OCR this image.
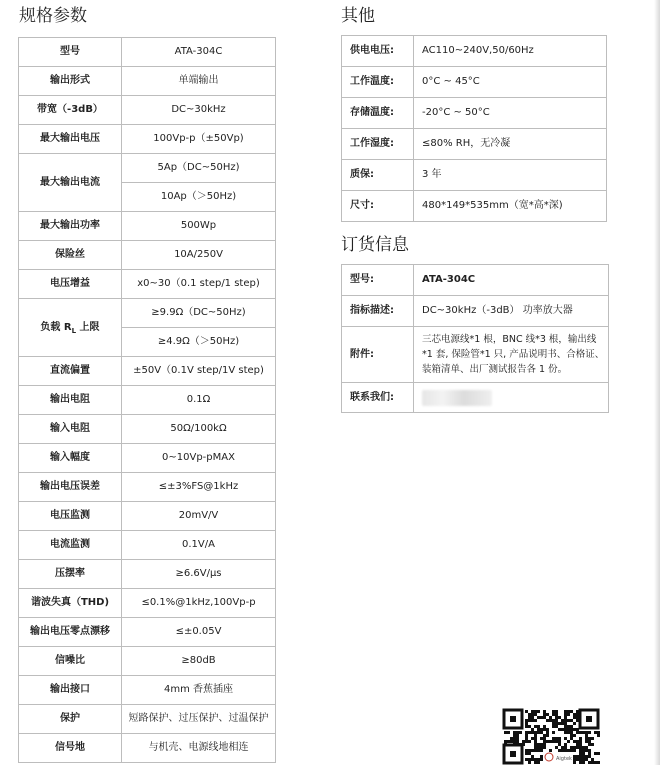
规格参数
型号	ATA-304C
输出形式	单端输出
带宽（-3dB）	DC~30kHz
最大输出电压	100Vp-p（±50Vp)
最大输出电流	5Ap（DC~50Hz)
	10Ap（＞50Hz)
最大输出功率	500Wp
保险丝	10A/250V
电压增益	x0~30（0.1 step/1 step)
负载 $R_L$ 上限	≥9.9Ω（DC~50Hz)
	≥4.9Ω（＞50Hz)
直流偏置	±50V（0.1V step/1V step)
输出电阻	0.1Ω
输入电阻	50Ω/100kΩ
输入幅度	0~10Vp-pMAX
输出电压误差	≤±3%FS@1kHz
电压监测	20mV/V
电流监测	0.1V/A
压摆率	≥6.6V/μs
谐波失真（THD)	≤0.1%@1kHz,100Vp-p
输出电压零点漂移	≤±0.05V
信噪比	≥80dB
输出接口	4mm 香蕉插座
保护	短路保护、过压保护、过温保护
信号地	与机壳、电源线地相连
其他
供电电压:	AC110~240V,50/60Hz
工作温度:	0°C ~ 45°C
存储温度:	-20°C ~ 50°C
工作湿度:	≤80% RH，无冷凝
质保:	3 年
尺寸:	480*149*535mm（宽*高*深)
订货信息
型号:	ATA-304C
指标描述:	DC~30kHz（-3dB） 功率放大器
附件:	三芯电源线*1 根，BNC 线*3 根，输出线
*1 套, 保险管*1 只, 产品说明书、合格证、
装箱清单、出厂测试报告各 1 份。

联系我们:	
Aigtek
